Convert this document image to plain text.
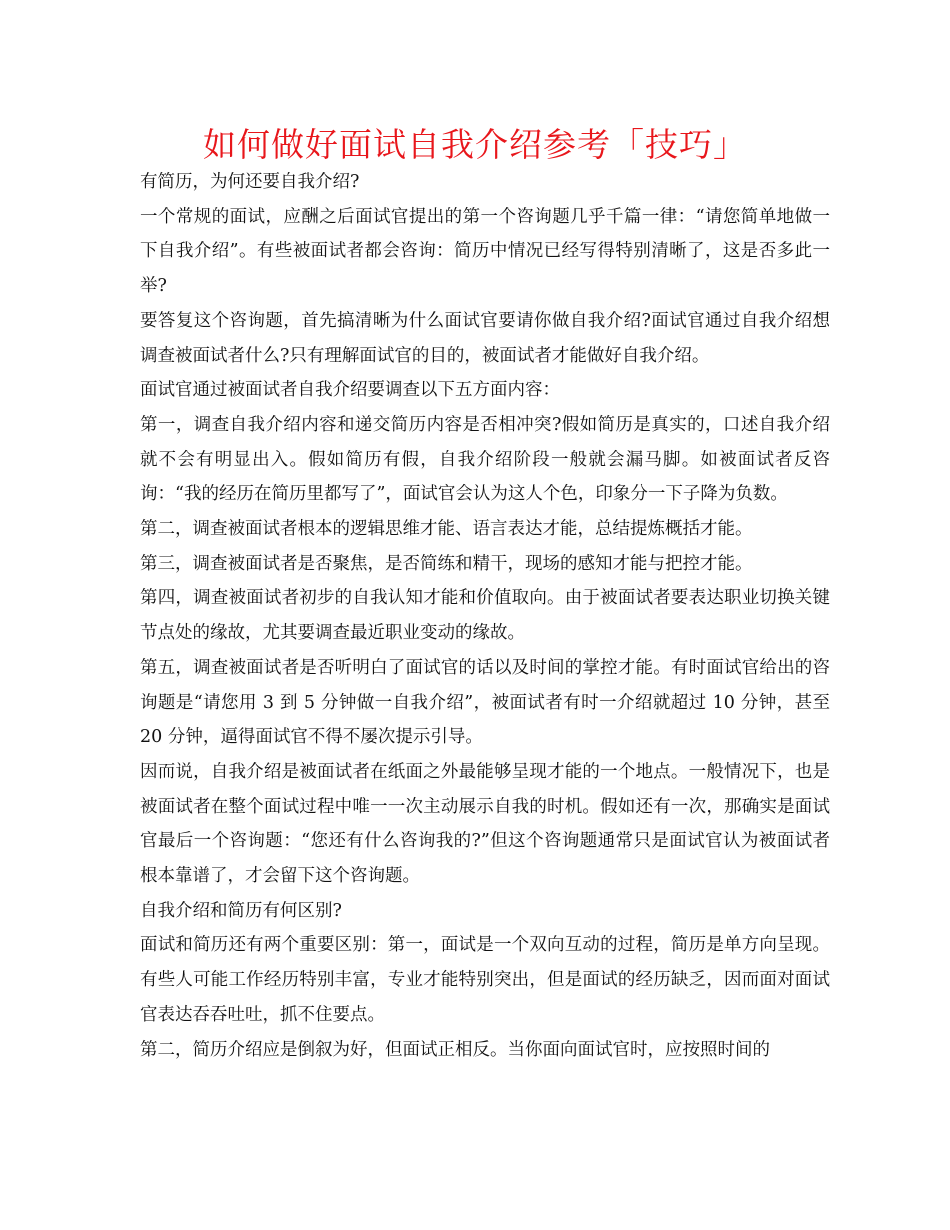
如何做好面试自我介绍参考「技巧」

有简历，为何还要自我介绍?

一个常规的面试，应酬之后面试官提出的第一个咨询题几乎千篇一律：“请您简单地做一下自我介绍”。有些被面试者都会咨询：简历中情况已经写得特别清晰了，这是否多此一举?

要答复这个咨询题，首先搞清晰为什么面试官要请你做自我介绍?面试官通过自我介绍想调查被面试者什么?只有理解面试官的目的，被面试者才能做好自我介绍。

面试官通过被面试者自我介绍要调查以下五方面内容：

第一，调查自我介绍内容和递交简历内容是否相冲突?假如简历是真实的，口述自我介绍就不会有明显出入。假如简历有假，自我介绍阶段一般就会漏马脚。如被面试者反咨询：“我的经历在简历里都写了”，面试官会认为这人个色，印象分一下子降为负数。

第二，调查被面试者根本的逻辑思维才能、语言表达才能，总结提炼概括才能。

第三，调查被面试者是否聚焦，是否简练和精干，现场的感知才能与把控才能。

第四，调查被面试者初步的自我认知才能和价值取向。由于被面试者要表达职业切换关键节点处的缘故，尤其要调查最近职业变动的缘故。

第五，调查被面试者是否听明白了面试官的话以及时间的掌控才能。有时面试官给出的咨询题是“请您用 3 到 5 分钟做一自我介绍”，被面试者有时一介绍就超过 10 分钟，甚至 20 分钟，逼得面试官不得不屡次提示引导。

因而说，自我介绍是被面试者在纸面之外最能够呈现才能的一个地点。一般情况下，也是被面试者在整个面试过程中唯一一次主动展示自我的时机。假如还有一次，那确实是面试官最后一个咨询题：“您还有什么咨询我的?”但这个咨询题通常只是面试官认为被面试者根本靠谱了，才会留下这个咨询题。

自我介绍和简历有何区别?

面试和简历还有两个重要区别：第一，面试是一个双向互动的过程，简历是单方向呈现。有些人可能工作经历特别丰富，专业才能特别突出，但是面试的经历缺乏，因而面对面试官表达吞吞吐吐，抓不住要点。

第二，简历介绍应是倒叙为好，但面试正相反。当你面向面试官时，应按照时间的
